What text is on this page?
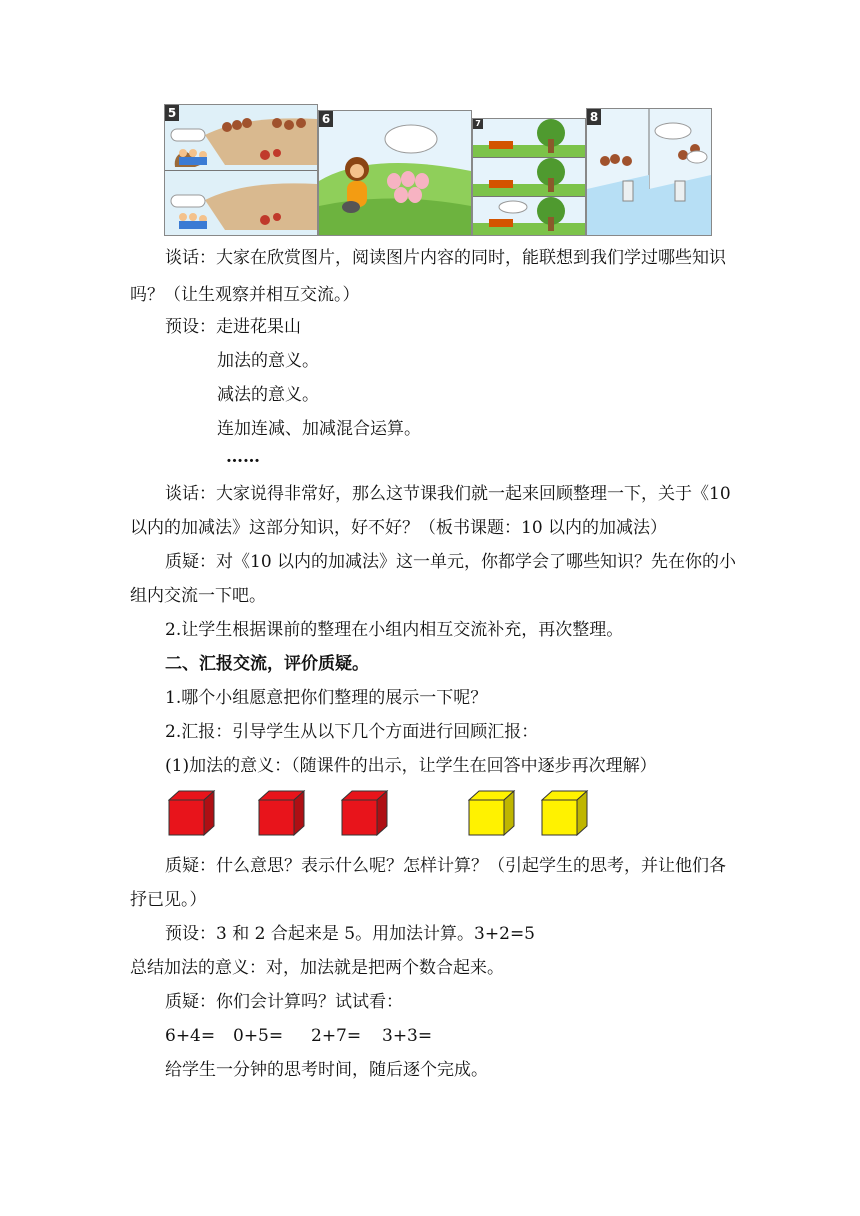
5	6	7	8
谈话：大家在欣赏图片，阅读图片内容的同时，能联想到我们学过哪些知识
吗？（让生观察并相互交流。）
预设：走进花果山
加法的意义。
减法的意义。
连加连减、加减混合运算。
……
谈话：大家说得非常好，那么这节课我们就一起来回顾整理一下，关于《10
以内的加减法》这部分知识，好不好？（板书课题：10 以内的加减法）
质疑：对《10 以内的加减法》这一单元，你都学会了哪些知识？先在你的小
组内交流一下吧。
2.让学生根据课前的整理在小组内相互交流补充，再次整理。
二、汇报交流，评价质疑。
1.哪个小组愿意把你们整理的展示一下呢？
2.汇报：引导学生从以下几个方面进行回顾汇报：
(1)加法的意义：（随课件的出示，让学生在回答中逐步再次理解）
质疑：什么意思？表示什么呢？怎样计算？（引起学生的思考，并让他们各
抒已见。）
预设：3 和 2 合起来是 5。用加法计算。3+2=5
总结加法的意义：对，加法就是把两个数合起来。
质疑：你们会计算吗？试试看：
6+4= 0+5= 2+7= 3+3=
给学生一分钟的思考时间，随后逐个完成。
